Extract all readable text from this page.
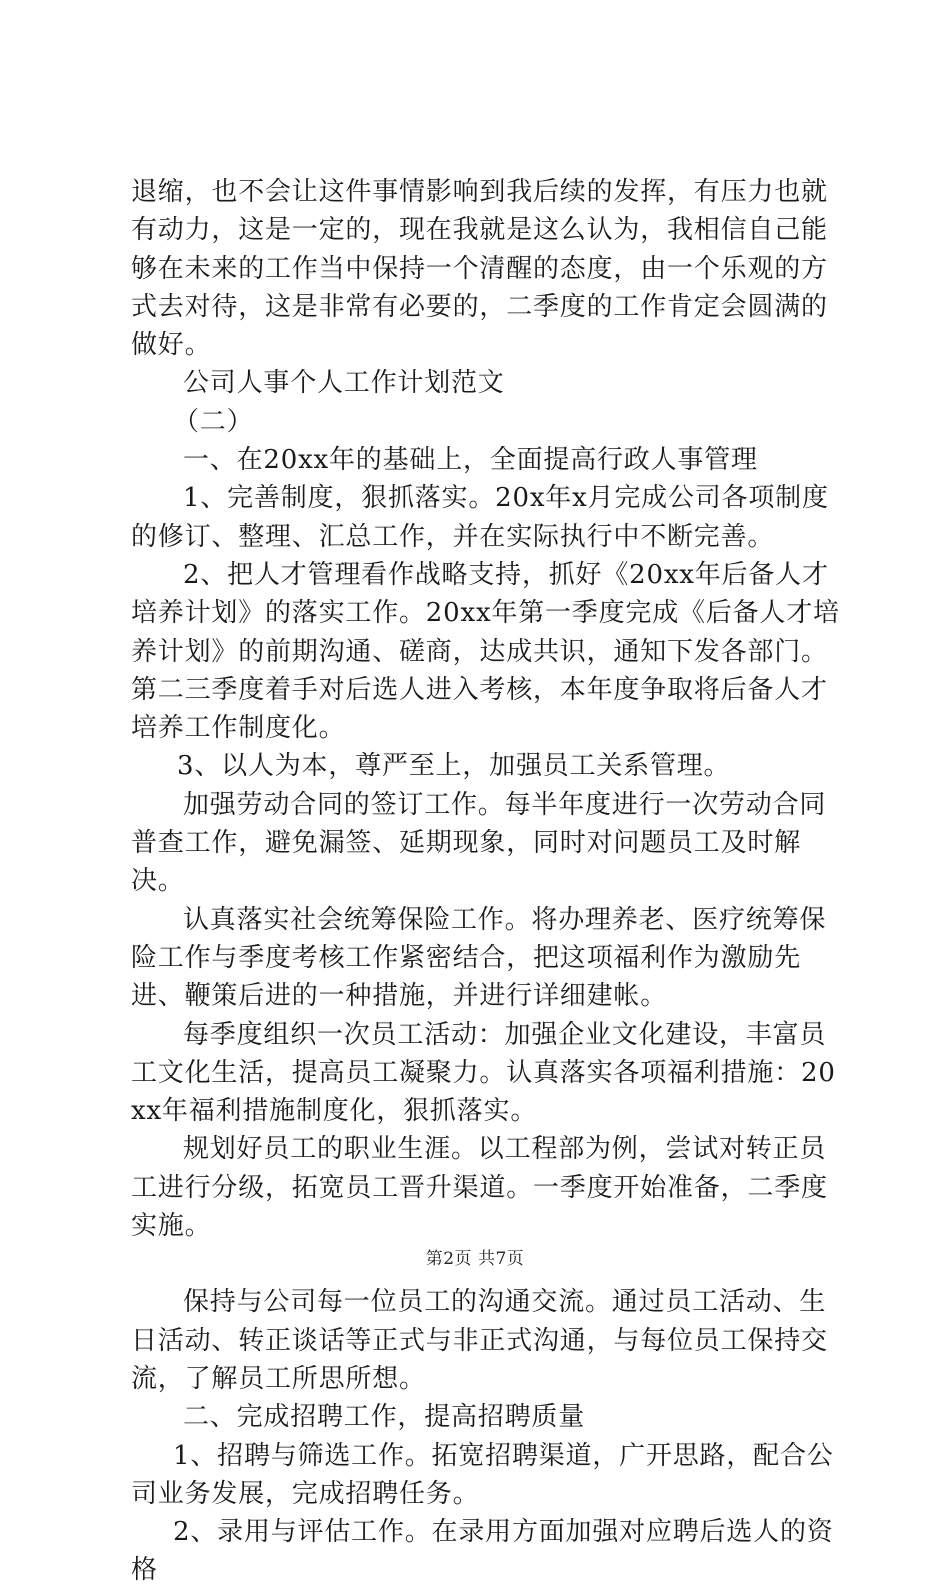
退缩，也不会让这件事情影响到我后续的发挥，有压力也就有动力，这是一定的，现在我就是这么认为，我相信自己能够在未来的工作当中保持一个清醒的态度，由一个乐观的方式去对待，这是非常有必要的，二季度的工作肯定会圆满的做好。

公司人事个人工作计划范文

（二）

一、在20xx年的基础上，全面提高行政人事管理

1、完善制度，狠抓落实。20x年x月完成公司各项制度的修订、整理、汇总工作，并在实际执行中不断完善。

2、把人才管理看作战略支持，抓好《20xx年后备人才培养计划》的落实工作。20xx年第一季度完成《后备人才培养计划》的前期沟通、磋商，达成共识，通知下发各部门。第二三季度着手对后选人进入考核，本年度争取将后备人才培养工作制度化。

3、以人为本，尊严至上，加强员工关系管理。

加强劳动合同的签订工作。每半年度进行一次劳动合同普查工作，避免漏签、延期现象，同时对问题员工及时解决。

认真落实社会统筹保险工作。将办理养老、医疗统筹保险工作与季度考核工作紧密结合，把这项福利作为激励先进、鞭策后进的一种措施，并进行详细建帐。

每季度组织一次员工活动：加强企业文化建设，丰富员工文化生活，提高员工凝聚力。认真落实各项福利措施：20xx年福利措施制度化，狠抓落实。

规划好员工的职业生涯。以工程部为例，尝试对转正员工进行分级，拓宽员工晋升渠道。一季度开始准备，二季度实施。

保持与公司每一位员工的沟通交流。通过员工活动、生日活动、转正谈话等正式与非正式沟通，与每位员工保持交流，了解员工所思所想。

二、完成招聘工作，提高招聘质量

1、招聘与筛选工作。拓宽招聘渠道，广开思路，配合公司业务发展，完成招聘任务。

2、录用与评估工作。在录用方面加强对应聘后选人的资格

第2页 共7页
